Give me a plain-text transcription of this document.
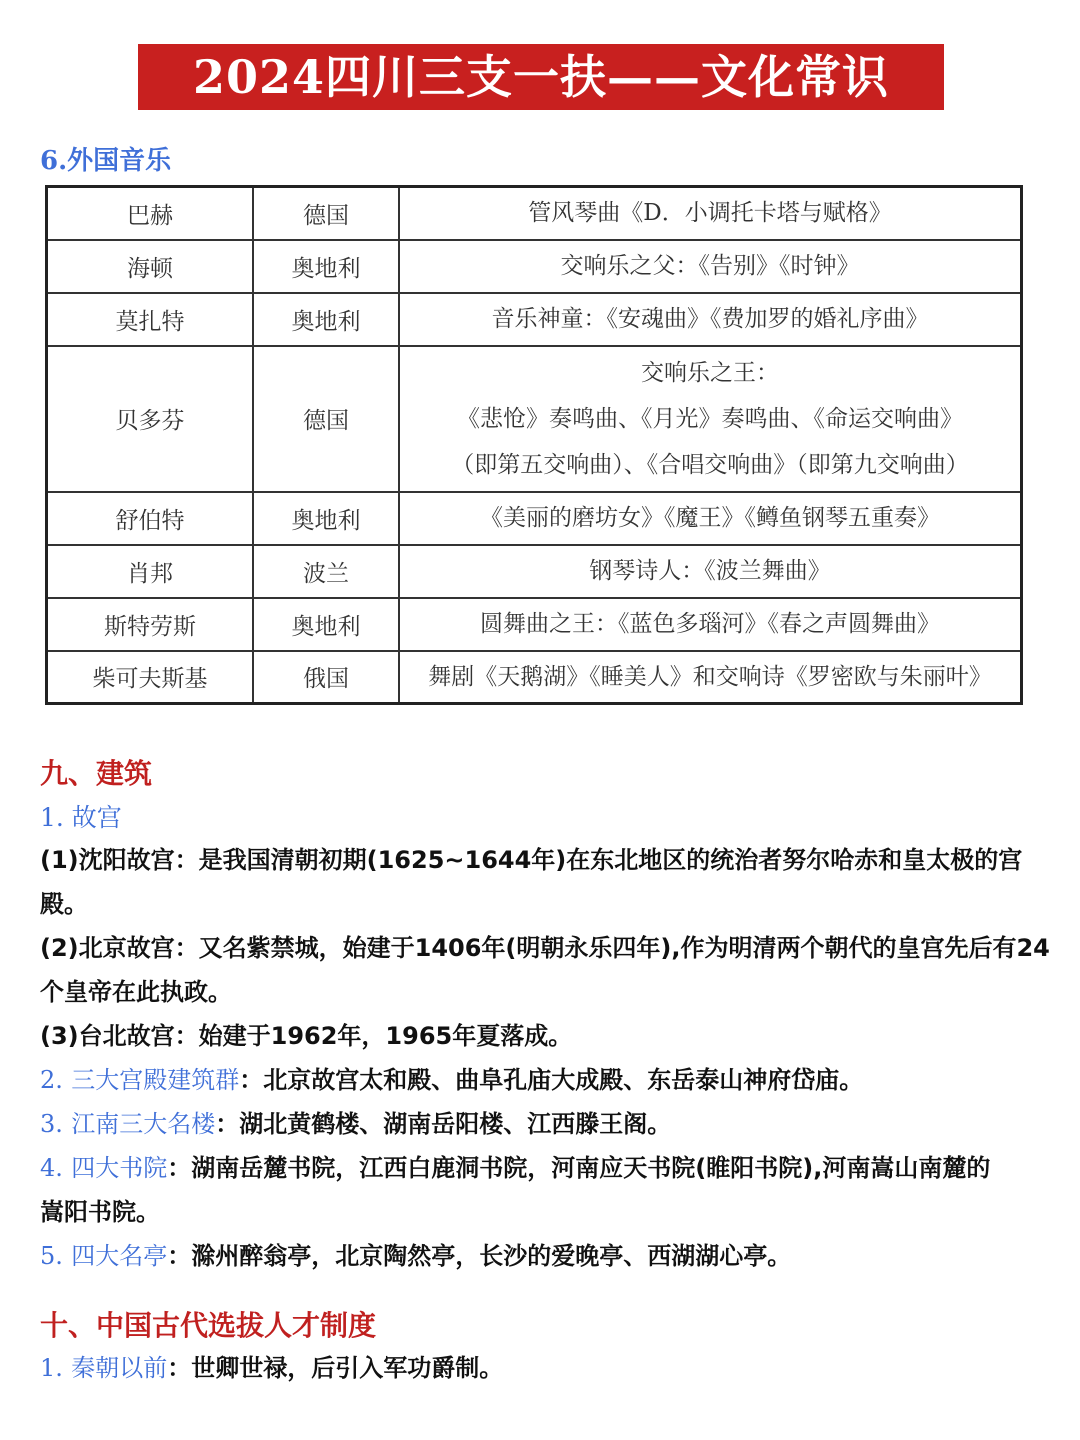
2024四川三支一扶——文化常识
6.外国音乐
巴赫	德国	管风琴曲《D．小调托卡塔与赋格》

海顿	奥地利	交响乐之父：《告别》《时钟》

莫扎特	奥地利	音乐神童：《安魂曲》《费加罗的婚礼序曲》

贝多芬	德国	交响乐之王：
《悲怆》奏鸣曲、《月光》奏鸣曲、《命运交响曲》
（即第五交响曲）、《合唱交响曲》（即第九交响曲）

舒伯特	奥地利	《美丽的磨坊女》《魔王》《鳟鱼钢琴五重奏》

肖邦	波兰	钢琴诗人：《波兰舞曲》

斯特劳斯	奥地利	圆舞曲之王：《蓝色多瑙河》《春之声圆舞曲》

柴可夫斯基	俄国	舞剧《天鹅湖》《睡美人》和交响诗《罗密欧与朱丽叶》
九、建筑
1. 故宫
(1)沈阳故宫：是我国清朝初期(1625~1644年)在东北地区的统治者努尔哈赤和皇太极的宫殿。
(2)北京故宫：又名紫禁城，始建于1406年(明朝永乐四年),作为明清两个朝代的皇宫先后有24个皇帝在此执政。
(3)台北故宫：始建于1962年，1965年夏落成。
2. 三大宫殿建筑群：北京故宫太和殿、曲阜孔庙大成殿、东岳泰山神府岱庙。
3. 江南三大名楼：湖北黄鹤楼、湖南岳阳楼、江西滕王阁。
4. 四大书院：湖南岳麓书院，江西白鹿洞书院，河南应天书院(睢阳书院),河南嵩山南麓的嵩阳书院。
5. 四大名亭：滁州醉翁亭，北京陶然亭，长沙的爱晚亭、西湖湖心亭。
十、中国古代选拔人才制度
1. 秦朝以前：世卿世禄，后引入军功爵制。
